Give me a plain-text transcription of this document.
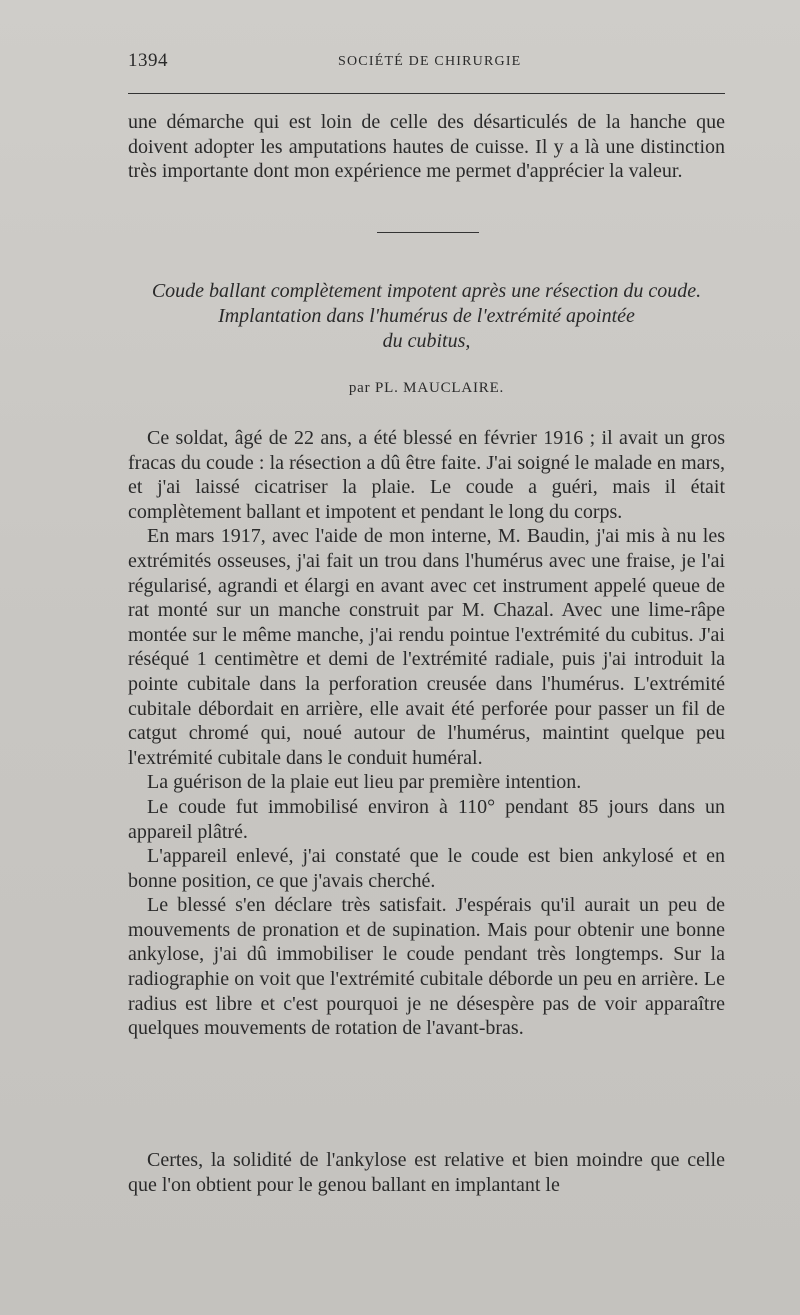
1394	SOCIÉTÉ DE CHIRURGIE

une démarche qui est loin de celle des désarticulés de la hanche que doivent adopter les amputations hautes de cuisse. Il y a là une distinction très importante dont mon expérience me permet d'apprécier la valeur.

Coude ballant complètement impotent après une résection du coude.
Implantation dans l'humérus de l'extrémité apointée
du cubitus,
par PL. MAUCLAIRE.

Ce soldat, âgé de 22 ans, a été blessé en février 1916 ; il avait un gros fracas du coude : la résection a dû être faite. J'ai soigné le malade en mars, et j'ai laissé cicatriser la plaie. Le coude a guéri, mais il était complètement ballant et impotent et pendant le long du corps.

En mars 1917, avec l'aide de mon interne, M. Baudin, j'ai mis à nu les extrémités osseuses, j'ai fait un trou dans l'humérus avec une fraise, je l'ai régularisé, agrandi et élargi en avant avec cet instrument appelé queue de rat monté sur un manche construit par M. Chazal. Avec une lime-râpe montée sur le même manche, j'ai rendu pointue l'extrémité du cubitus. J'ai réséqué 1 centimètre et demi de l'extrémité radiale, puis j'ai introduit la pointe cubitale dans la perforation creusée dans l'humérus. L'extrémité cubitale débordait en arrière, elle avait été perforée pour passer un fil de catgut chromé qui, noué autour de l'humérus, maintint quelque peu l'extrémité cubitale dans le conduit huméral.

La guérison de la plaie eut lieu par première intention.

Le coude fut immobilisé environ à 110° pendant 85 jours dans un appareil plâtré.

L'appareil enlevé, j'ai constaté que le coude est bien ankylosé et en bonne position, ce que j'avais cherché.

Le blessé s'en déclare très satisfait. J'espérais qu'il aurait un peu de mouvements de pronation et de supination. Mais pour obtenir une bonne ankylose, j'ai dû immobiliser le coude pendant très longtemps. Sur la radiographie on voit que l'extrémité cubitale déborde un peu en arrière. Le radius est libre et c'est pourquoi je ne désespère pas de voir apparaître quelques mouvements de rotation de l'avant-bras.

Certes, la solidité de l'ankylose est relative et bien moindre que celle que l'on obtient pour le genou ballant en implantant le
